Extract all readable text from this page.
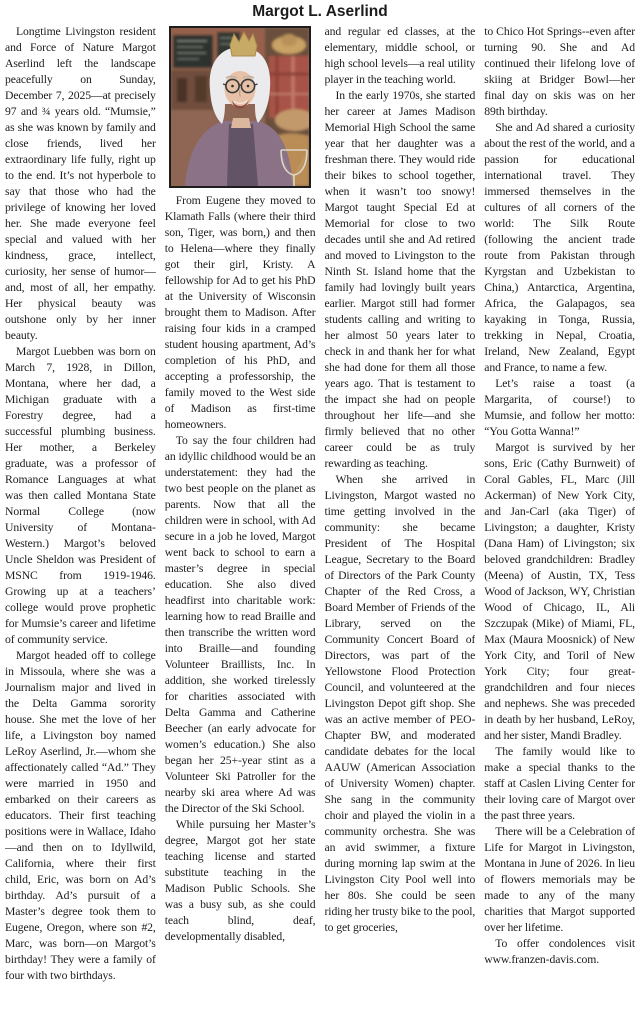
Margot L. Aserlind

Longtime Livingston resident and Force of Nature Margot Aserlind left the landscape peacefully on Sunday, December 7, 2025—at precisely 97 and ¾ years old. “Mumsie,” as she was known by family and close friends, lived her extraordinary life fully, right up to the end. It’s not hyperbole to say that those who had the privilege of knowing her loved her. She made everyone feel special and valued with her kindness, grace, intellect, curiosity, her sense of humor—and, most of all, her empathy. Her physical beauty was outshone only by her inner beauty.

Margot Luebben was born on March 7, 1928, in Dillon, Montana, where her dad, a Michigan graduate with a Forestry degree, had a successful plumbing business. Her mother, a Berkeley graduate, was a professor of Romance Languages at what was then called Montana State Normal College (now University of Montana-Western.) Margot’s beloved Uncle Sheldon was President of MSNC from 1919-1946. Growing up at a teachers’ college would prove prophetic for Mumsie’s career and lifetime of community service.

Margot headed off to college in Missoula, where she was a Journalism major and lived in the Delta Gamma sorority house. She met the love of her life, a Livingston boy named LeRoy Aserlind, Jr.—whom she affectionately called “Ad.” They were married in 1950 and embarked on their careers as educators. Their first teaching positions were in Wallace, Idaho—and then on to Idyllwild, California, where their first child, Eric, was born on Ad’s birthday. Ad’s pursuit of a Master’s degree took them to Eugene, Oregon, where son #2, Marc, was born—on Margot’s birthday! They were a family of four with two birthdays.

From Eugene they moved to Klamath Falls (where their third son, Tiger, was born,) and then to Helena—where they finally got their girl, Kristy. A fellowship for Ad to get his PhD at the University of Wisconsin brought them to Madison. After raising four kids in a cramped student housing apartment, Ad’s completion of his PhD, and accepting a professorship, the family moved to the West side of Madison as first-time homeowners.

To say the four children had an idyllic childhood would be an understatement: they had the two best people on the planet as parents. Now that all the children were in school, with Ad secure in a job he loved, Margot went back to school to earn a master’s degree in special education. She also dived headfirst into charitable work: learning how to read Braille and then transcribe the written word into Braille—and founding Volunteer Braillists, Inc. In addition, she worked tirelessly for charities associated with Delta Gamma and Catherine Beecher (an early advocate for women’s education.) She also began her 25+-year stint as a Volunteer Ski Patroller for the nearby ski area where Ad was the Director of the Ski School.

While pursuing her Master’s degree, Margot got her state teaching license and started substitute teaching in the Madison Public Schools. She was a busy sub, as she could teach blind, deaf, developmentally disabled,

and regular ed classes, at the elementary, middle school, or high school levels—a real utility player in the teaching world.

In the early 1970s, she started her career at James Madison Memorial High School the same year that her daughter was a freshman there. They would ride their bikes to school together, when it wasn’t too snowy! Margot taught Special Ed at Memorial for close to two decades until she and Ad retired and moved to Livingston to the Ninth St. Island home that the family had lovingly built years earlier. Margot still had former students calling and writing to her almost 50 years later to check in and thank her for what she had done for them all those years ago. That is testament to the impact she had on people throughout her life—and she firmly believed that no other career could be as truly rewarding as teaching.

When she arrived in Livingston, Margot wasted no time getting involved in the community: she became President of The Hospital League, Secretary to the Board of Directors of the Park County Chapter of the Red Cross, a Board Member of Friends of the Library, served on the Community Concert Board of Directors, was part of the Yellowstone Flood Protection Council, and volunteered at the Livingston Depot gift shop. She was an active member of PEO-Chapter BW, and moderated candidate debates for the local AAUW (American Association of University Women) chapter. She sang in the community choir and played the violin in a community orchestra. She was an avid swimmer, a fixture during morning lap swim at the Livingston City Pool well into her 80s. She could be seen riding her trusty bike to the pool, to get groceries,

to Chico Hot Springs--even after turning 90. She and Ad continued their lifelong love of skiing at Bridger Bowl—her final day on skis was on her 89th birthday.

She and Ad shared a curiosity about the rest of the world, and a passion for educational international travel. They immersed themselves in the cultures of all corners of the world: The Silk Route (following the ancient trade route from Pakistan through Kyrgstan and Uzbekistan to China,) Antarctica, Argentina, Africa, the Galapagos, sea kayaking in Tonga, Russia, trekking in Nepal, Croatia, Ireland, New Zealand, Egypt and France, to name a few.

Let’s raise a toast (a Margarita, of course!) to Mumsie, and follow her motto: “You Gotta Wanna!”

Margot is survived by her sons, Eric (Cathy Burnweit) of Coral Gables, FL, Marc (Jill Ackerman) of New York City, and Jan-Carl (aka Tiger) of Livingston; a daughter, Kristy (Dana Ham) of Livingston; six beloved grandchildren: Bradley (Meena) of Austin, TX, Tess Wood of Jackson, WY, Christian Wood of Chicago, IL, Ali Szczupak (Mike) of Miami, FL, Max (Maura Moosnick) of New York City, and Toril of New York City; four great-grandchildren and four nieces and nephews. She was preceded in death by her husband, LeRoy, and her sister, Mandi Bradley.

The family would like to make a special thanks to the staff at Caslen Living Center for their loving care of Margot over the past three years.

There will be a Celebration of Life for Margot in Livingston, Montana in June of 2026. In lieu of flowers memorials may be made to any of the many charities that Margot supported over her lifetime.

To offer condolences visit www.franzen-davis.com.
